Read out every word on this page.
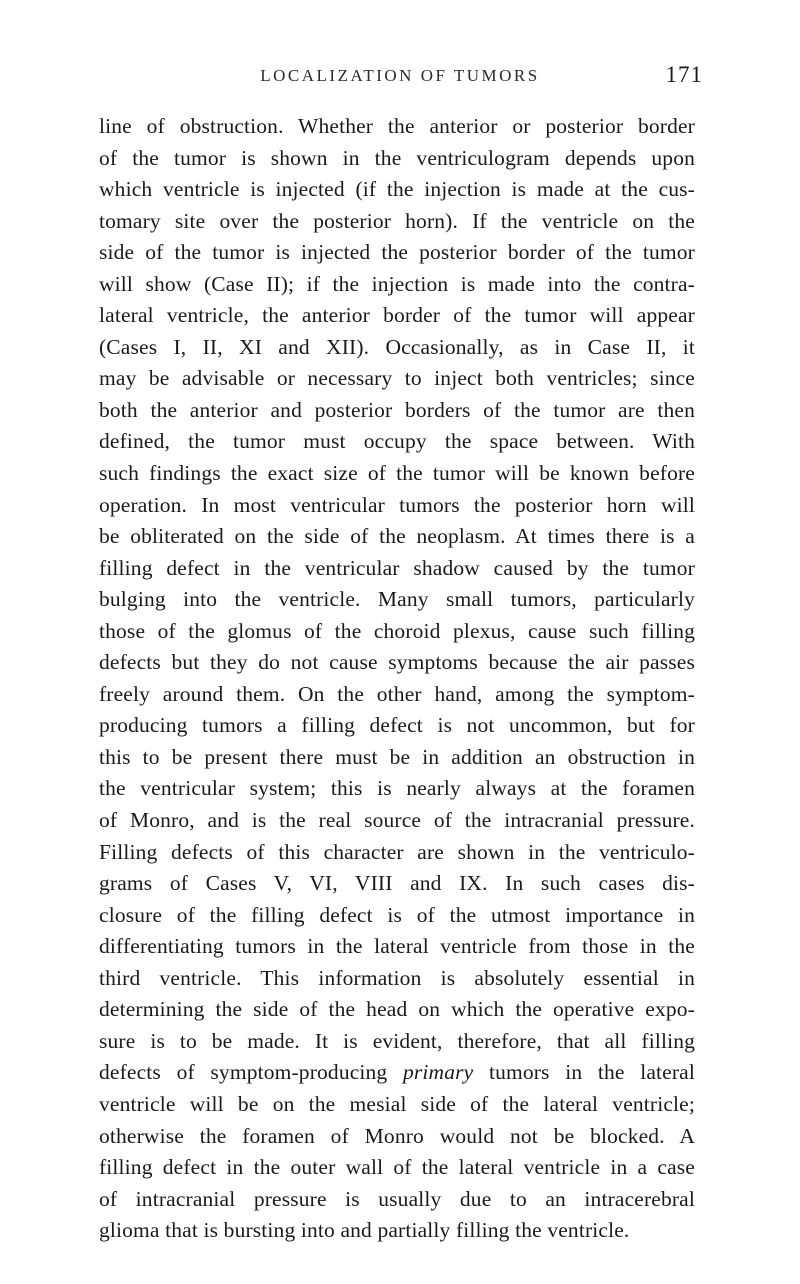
LOCALIZATION OF TUMORS	171
line of obstruction. Whether the anterior or posterior border
of the tumor is shown in the ventriculogram depends upon
which ventricle is injected (if the injection is made at the cus-
tomary site over the posterior horn). If the ventricle on the
side of the tumor is injected the posterior border of the tumor
will show (Case II); if the injection is made into the contra-
lateral ventricle, the anterior border of the tumor will appear
(Cases I, II, XI and XII). Occasionally, as in Case II, it
may be advisable or necessary to inject both ventricles; since
both the anterior and posterior borders of the tumor are then
defined, the tumor must occupy the space between. With
such findings the exact size of the tumor will be known before
operation. In most ventricular tumors the posterior horn will
be obliterated on the side of the neoplasm. At times there is a
filling defect in the ventricular shadow caused by the tumor
bulging into the ventricle. Many small tumors, particularly
those of the glomus of the choroid plexus, cause such filling
defects but they do not cause symptoms because the air passes
freely around them. On the other hand, among the symptom-
producing tumors a filling defect is not uncommon, but for
this to be present there must be in addition an obstruction in
the ventricular system; this is nearly always at the foramen
of Monro, and is the real source of the intracranial pressure.
Filling defects of this character are shown in the ventriculo-
grams of Cases V, VI, VIII and IX. In such cases dis-
closure of the filling defect is of the utmost importance in
differentiating tumors in the lateral ventricle from those in the
third ventricle. This information is absolutely essential in
determining the side of the head on which the operative expo-
sure is to be made. It is evident, therefore, that all filling
defects of symptom-producing primary tumors in the lateral
ventricle will be on the mesial side of the lateral ventricle;
otherwise the foramen of Monro would not be blocked. A
filling defect in the outer wall of the lateral ventricle in a case
of intracranial pressure is usually due to an intracerebral
glioma that is bursting into and partially filling the ventricle.
